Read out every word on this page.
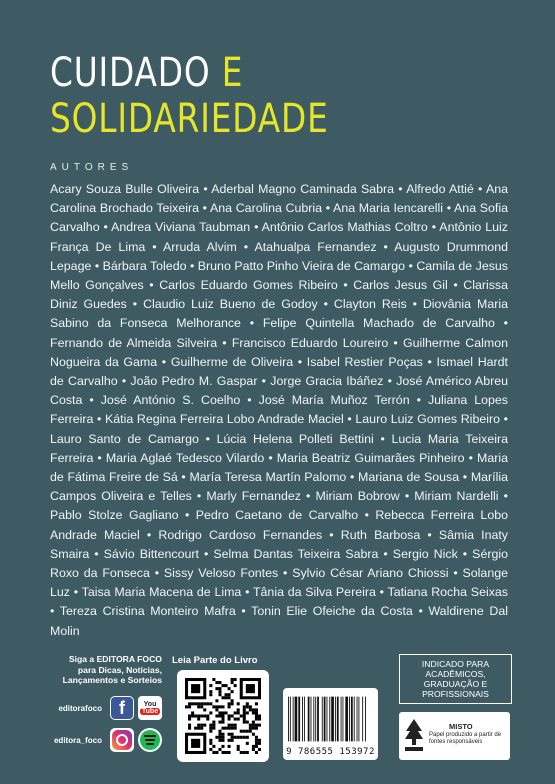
CUIDADO E
SOLIDARIEDADE
AUTORES
Acary Souza Bulle Oliveira • Aderbal Magno Caminada Sabra • Alfredo Attié • Ana Carolina Brochado Teixeira • Ana Carolina Cubria • Ana Maria Iencarelli • Ana Sofia Carvalho • Andrea Viviana Taubman • Antônio Carlos Mathias Coltro • Antônio Luiz França De Lima • Arruda Alvim • Atahualpa Fernandez • Augusto Drummond Lepage • Bárbara Toledo • Bruno Patto Pinho Vieira de Camargo • Camila de Jesus Mello Gonçalves • Carlos Eduardo Gomes Ribeiro • Carlos Jesus Gil • Clarissa Diniz Guedes • Claudio Luiz Bueno de Godoy • Clayton Reis • Diovânia Maria Sabino da Fonseca Melhorance • Felipe Quintella Machado de Carvalho • Fernando de Almeida Silveira • Francisco Eduardo Loureiro • Guilherme Calmon Nogueira da Gama • Guilherme de Oliveira • Isabel Restier Poças • Ismael Hardt de Carvalho • João Pedro M. Gaspar • Jorge Gracia Ibáñez • José Américo Abreu Costa • José António S. Coelho • José María Muñoz Terrón • Juliana Lopes Ferreira • Kátia Regina Ferreira Lobo Andrade Maciel • Lauro Luiz Gomes Ribeiro • Lauro Santo de Camargo • Lúcia Helena Polleti Bettini • Lucia Maria Teixeira Ferreira • Maria Aglaé Tedesco Vilardo • Maria Beatriz Guimarães Pinheiro • Maria de Fátima Freire de Sá • María Teresa Martín Palomo • Mariana de Sousa • Marília Campos Oliveira e Telles • Marly Fernandez • Miriam Bobrow • Miriam Nardelli • Pablo Stolze Gagliano • Pedro Caetano de Carvalho • Rebecca Ferreira Lobo Andrade Maciel • Rodrigo Cardoso Fernandes • Ruth Barbosa • Sâmia Inaty Smaira • Sávio Bittencourt • Selma Dantas Teixeira Sabra • Sergio Nick • Sérgio Roxo da Fonseca • Sissy Veloso Fontes • Sylvio César Ariano Chiossi • Solange Luz • Taisa Maria Macena de Lima • Tânia da Silva Pereira • Tatiana Rocha Seixas • Tereza Cristina Monteiro Mafra • Tonin Elie Ofeiche da Costa • Waldirene Dal Molin
Siga a EDITORA FOCO
para Dicas, Notícias,
Lançamentos e Sorteios
editorafoco f	You
Tube
editora_foco
Leia Parte do Livro
9 786555 153972
INDICADO PARA
ACADÊMICOS,
GRADUAÇÃO E
PROFISSIONAIS
MISTO
Papel produzido a partir de fontes responsáveis
